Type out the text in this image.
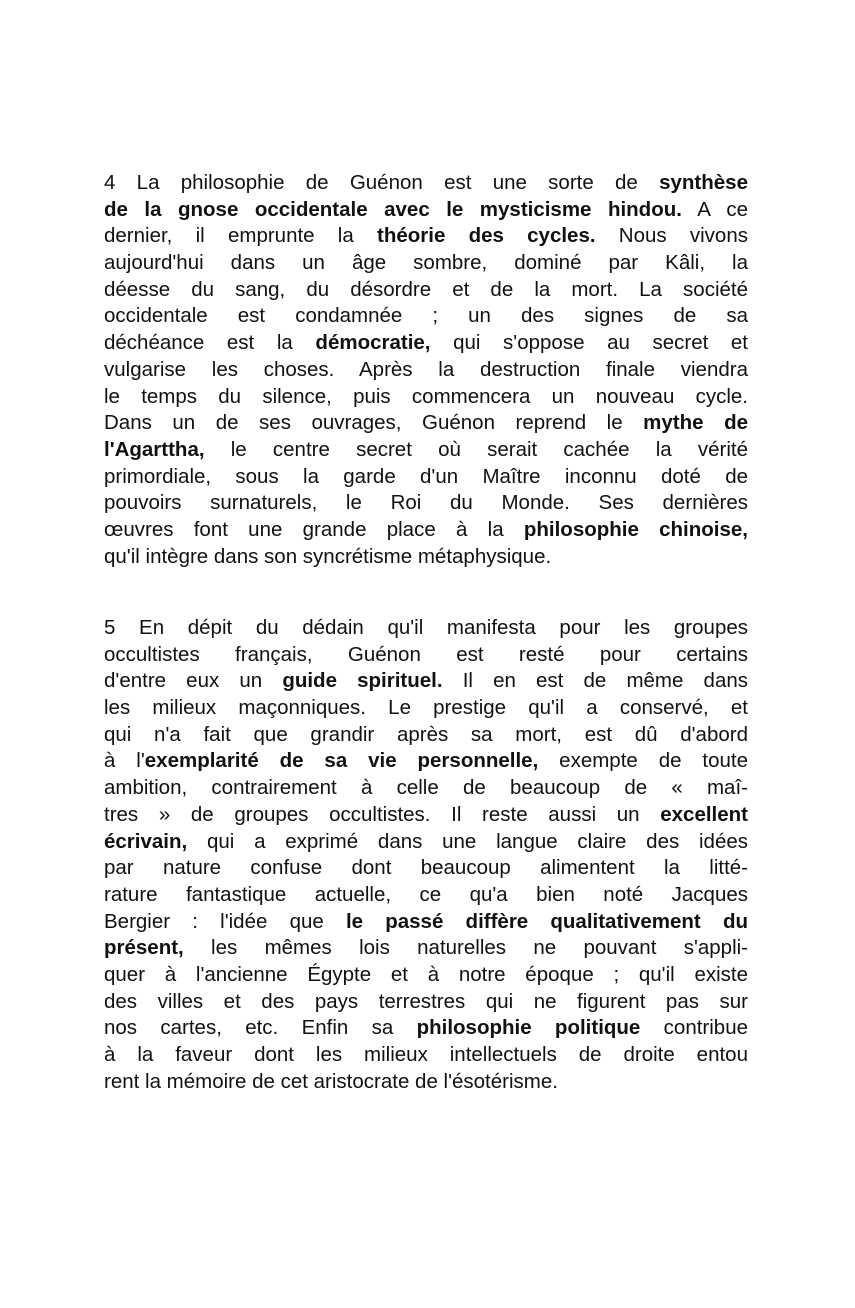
4 La philosophie de Guénon est une sorte de synthèse
de la gnose occidentale avec le mysticisme hindou. A ce
dernier, il emprunte la théorie des cycles. Nous vivons
aujourd'hui dans un âge sombre, dominé par Kâli, la
déesse du sang, du désordre et de la mort. La société
occidentale est condamnée ; un des signes de sa
déchéance est la démocratie, qui s'oppose au secret et
vulgarise les choses. Après la destruction finale viendra
le temps du silence, puis commencera un nouveau cycle.
Dans un de ses ouvrages, Guénon reprend le mythe de
l'Agarttha, le centre secret où serait cachée la vérité
primordiale, sous la garde d'un Maître inconnu doté de
pouvoirs surnaturels, le Roi du Monde. Ses dernières
œuvres font une grande place à la philosophie chinoise,
qu'il intègre dans son syncrétisme métaphysique.
5 En dépit du dédain qu'il manifesta pour les groupes
occultistes français, Guénon est resté pour certains
d'entre eux un guide spirituel. Il en est de même dans
les milieux maçonniques. Le prestige qu'il a conservé, et
qui n'a fait que grandir après sa mort, est dû d'abord
à l'exemplarité de sa vie personnelle, exempte de toute
ambition, contrairement à celle de beaucoup de « maî-
tres » de groupes occultistes. Il reste aussi un excellent
écrivain, qui a exprimé dans une langue claire des idées
par nature confuse dont beaucoup alimentent la litté-
rature fantastique actuelle, ce qu'a bien noté Jacques
Bergier : l'idée que le passé diffère qualitativement du
présent, les mêmes lois naturelles ne pouvant s'appli-
quer à l'ancienne Égypte et à notre époque ; qu'il existe
des villes et des pays terrestres qui ne figurent pas sur
nos cartes, etc. Enfin sa philosophie politique contribue
à la faveur dont les milieux intellectuels de droite entou
rent la mémoire de cet aristocrate de l'ésotérisme.
